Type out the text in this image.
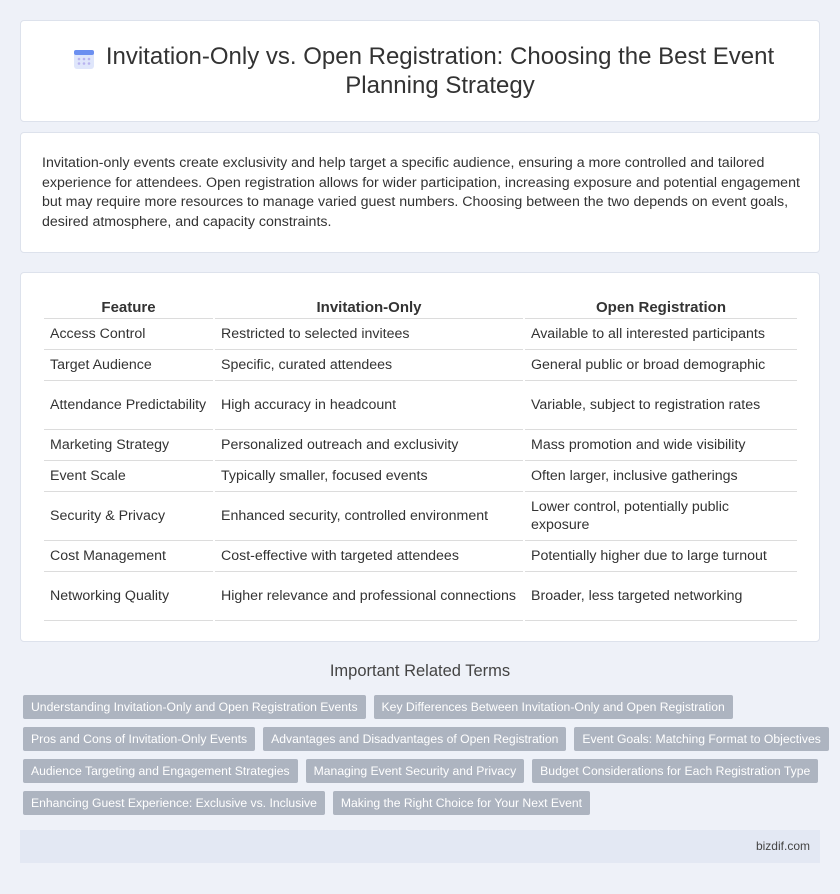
Invitation-Only vs. Open Registration: Choosing the Best Event Planning Strategy

Invitation-only events create exclusivity and help target a specific audience, ensuring a more controlled and tailored experience for attendees. Open registration allows for wider participation, increasing exposure and potential engagement but may require more resources to manage varied guest numbers. Choosing between the two depends on event goals, desired atmosphere, and capacity constraints.

Feature	Invitation-Only	Open Registration
Access Control	Restricted to selected invitees	Available to all interested participants
Target Audience	Specific, curated attendees	General public or broad demographic
Attendance Predictability	High accuracy in headcount	Variable, subject to registration rates
Marketing Strategy	Personalized outreach and exclusivity	Mass promotion and wide visibility
Event Scale	Typically smaller, focused events	Often larger, inclusive gatherings
Security & Privacy	Enhanced security, controlled environment	Lower control, potentially public exposure
Cost Management	Cost-effective with targeted attendees	Potentially higher due to large turnout
Networking Quality	Higher relevance and professional connections	Broader, less targeted networking
Important Related Terms
Understanding Invitation-Only and Open Registration Events	Key Differences Between Invitation-Only and Open Registration
Pros and Cons of Invitation-Only Events	Advantages and Disadvantages of Open Registration	Event Goals: Matching Format to Objectives
Audience Targeting and Engagement Strategies	Managing Event Security and Privacy	Budget Considerations for Each Registration Type
Enhancing Guest Experience: Exclusive vs. Inclusive	Making the Right Choice for Your Next Event
bizdif.com
